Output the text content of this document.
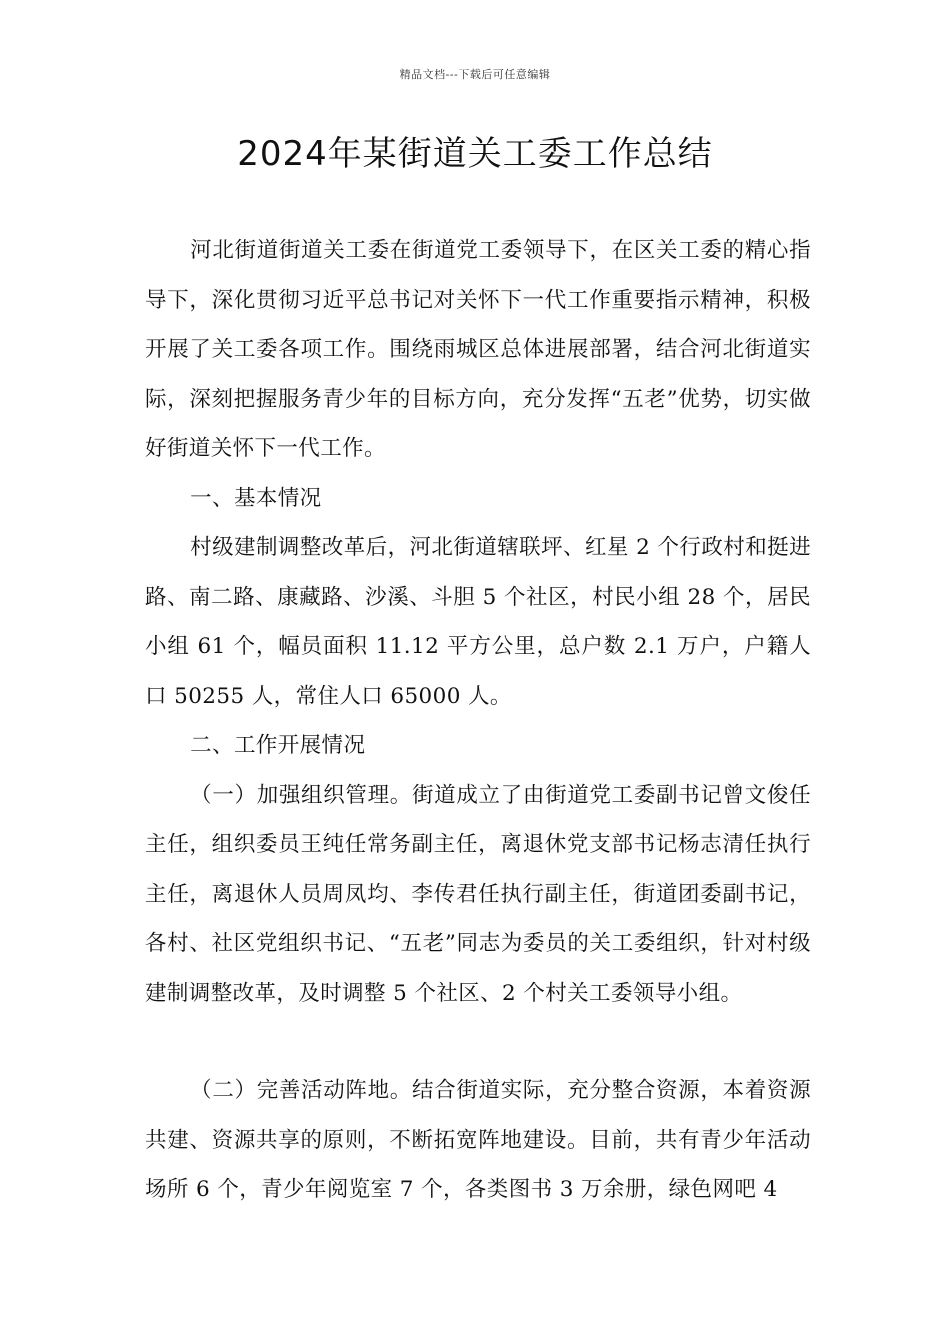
精品文档---下载后可任意编辑
2024年某街道关工委工作总结

河北街道街道关工委在街道党工委领导下，在区关工委的精心指导下，深化贯彻习近平总书记对关怀下一代工作重要指示精神，积极开展了关工委各项工作。围绕雨城区总体进展部署，结合河北街道实际，深刻把握服务青少年的目标方向，充分发挥“五老”优势，切实做好街道关怀下一代工作。

一、基本情况

村级建制调整改革后，河北街道辖联坪、红星 2 个行政村和挺进路、南二路、康藏路、沙溪、斗胆 5 个社区，村民小组 28 个，居民小组 61 个，幅员面积 11.12 平方公里，总户数 2.1 万户，户籍人口 50255 人，常住人口 65000 人。

二、工作开展情况

（一）加强组织管理。街道成立了由街道党工委副书记曾文俊任主任，组织委员王纯任常务副主任，离退休党支部书记杨志清任执行主任，离退休人员周凤均、李传君任执行副主任，街道团委副书记，各村、社区党组织书记、“五老”同志为委员的关工委组织，针对村级建制调整改革，及时调整 5 个社区、2 个村关工委领导小组。

（二）完善活动阵地。结合街道实际，充分整合资源，本着资源共建、资源共享的原则，不断拓宽阵地建设。目前，共有青少年活动场所 6 个，青少年阅览室 7 个，各类图书 3 万余册，绿色网吧 4
